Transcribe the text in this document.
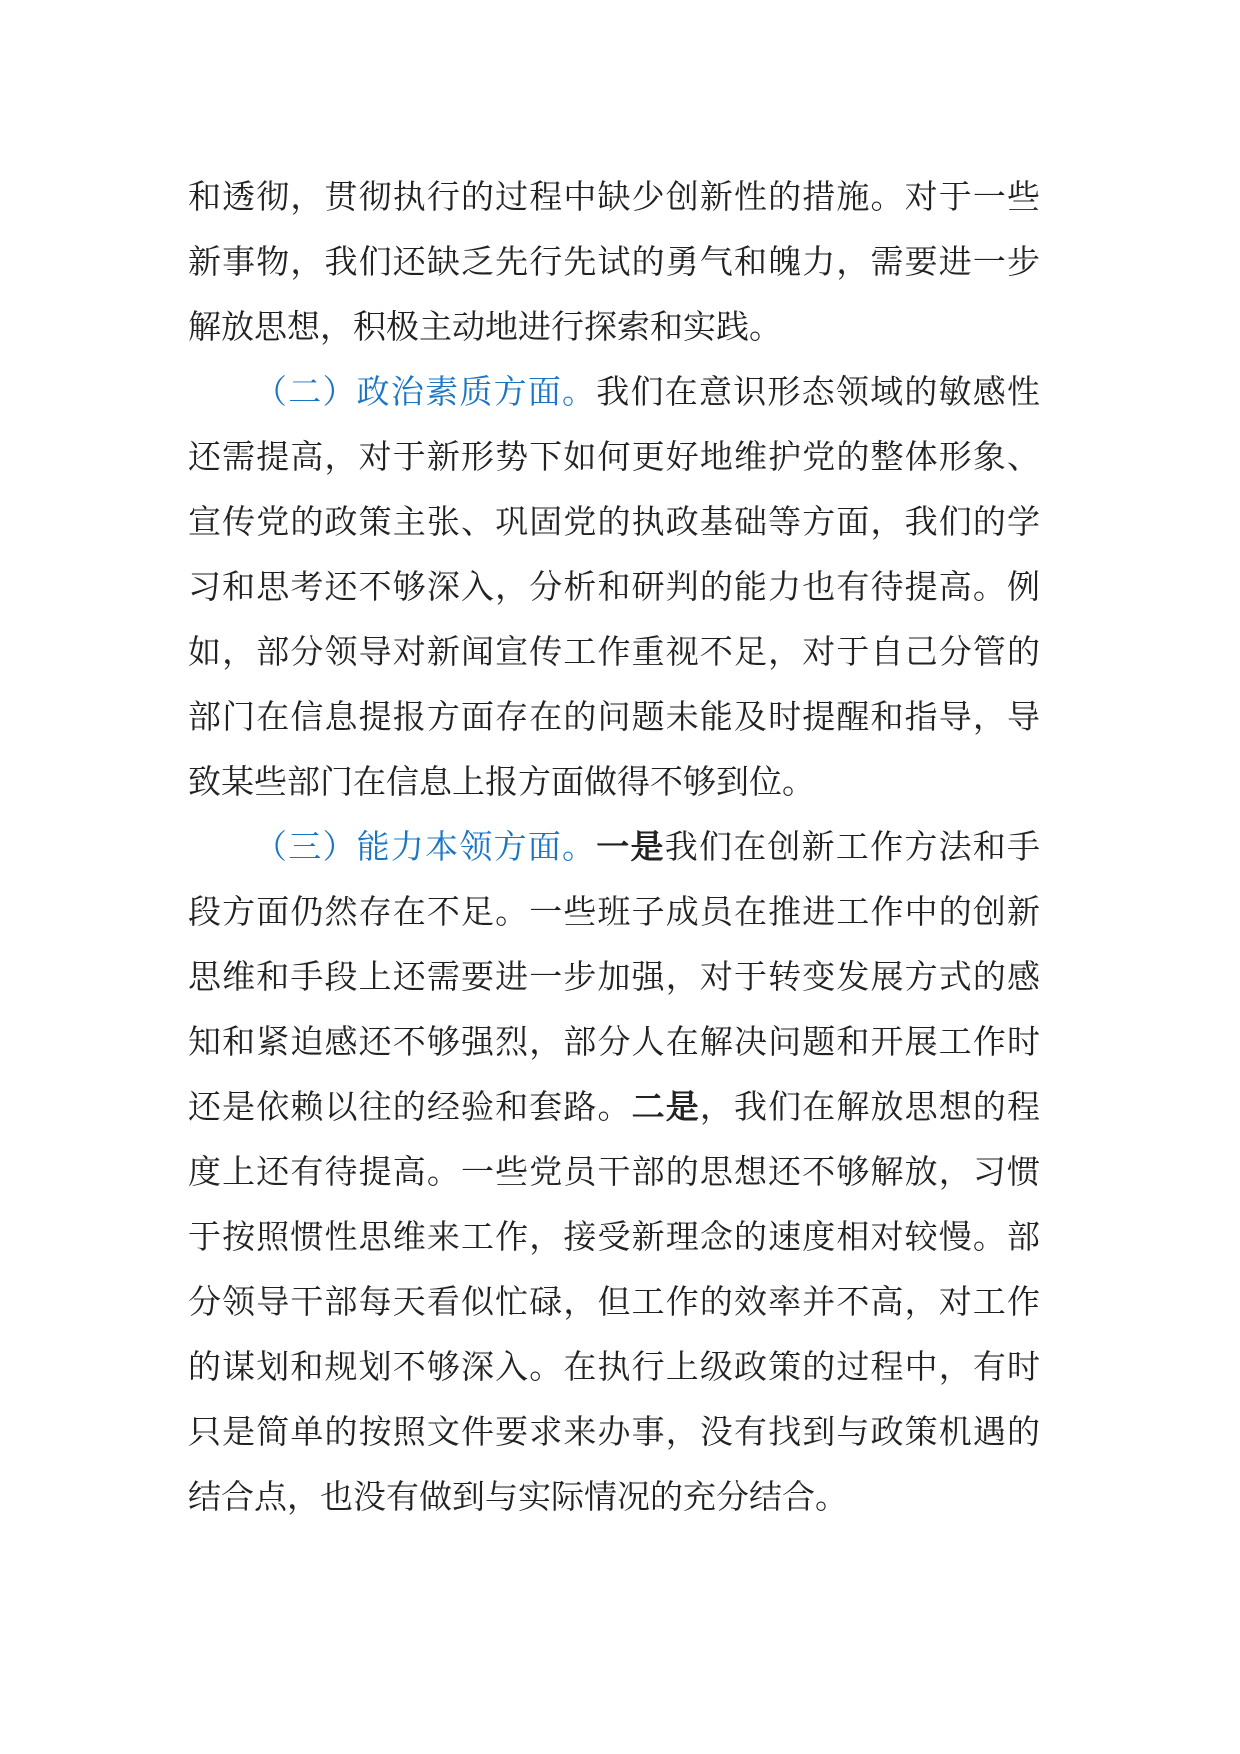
和透彻，贯彻执行的过程中缺少创新性的措施。对于一些新事物，我们还缺乏先行先试的勇气和魄力，需要进一步解放思想，积极主动地进行探索和实践。

（二）政治素质方面。我们在意识形态领域的敏感性还需提高，对于新形势下如何更好地维护党的整体形象、宣传党的政策主张、巩固党的执政基础等方面，我们的学习和思考还不够深入，分析和研判的能力也有待提高。例如，部分领导对新闻宣传工作重视不足，对于自己分管的部门在信息提报方面存在的问题未能及时提醒和指导，导致某些部门在信息上报方面做得不够到位。

（三）能力本领方面。一是我们在创新工作方法和手段方面仍然存在不足。一些班子成员在推进工作中的创新思维和手段上还需要进一步加强，对于转变发展方式的感知和紧迫感还不够强烈，部分人在解决问题和开展工作时还是依赖以往的经验和套路。二是，我们在解放思想的程度上还有待提高。一些党员干部的思想还不够解放，习惯于按照惯性思维来工作，接受新理念的速度相对较慢。部分领导干部每天看似忙碌，但工作的效率并不高，对工作的谋划和规划不够深入。在执行上级政策的过程中，有时只是简单的按照文件要求来办事，没有找到与政策机遇的结合点，也没有做到与实际情况的充分结合。
